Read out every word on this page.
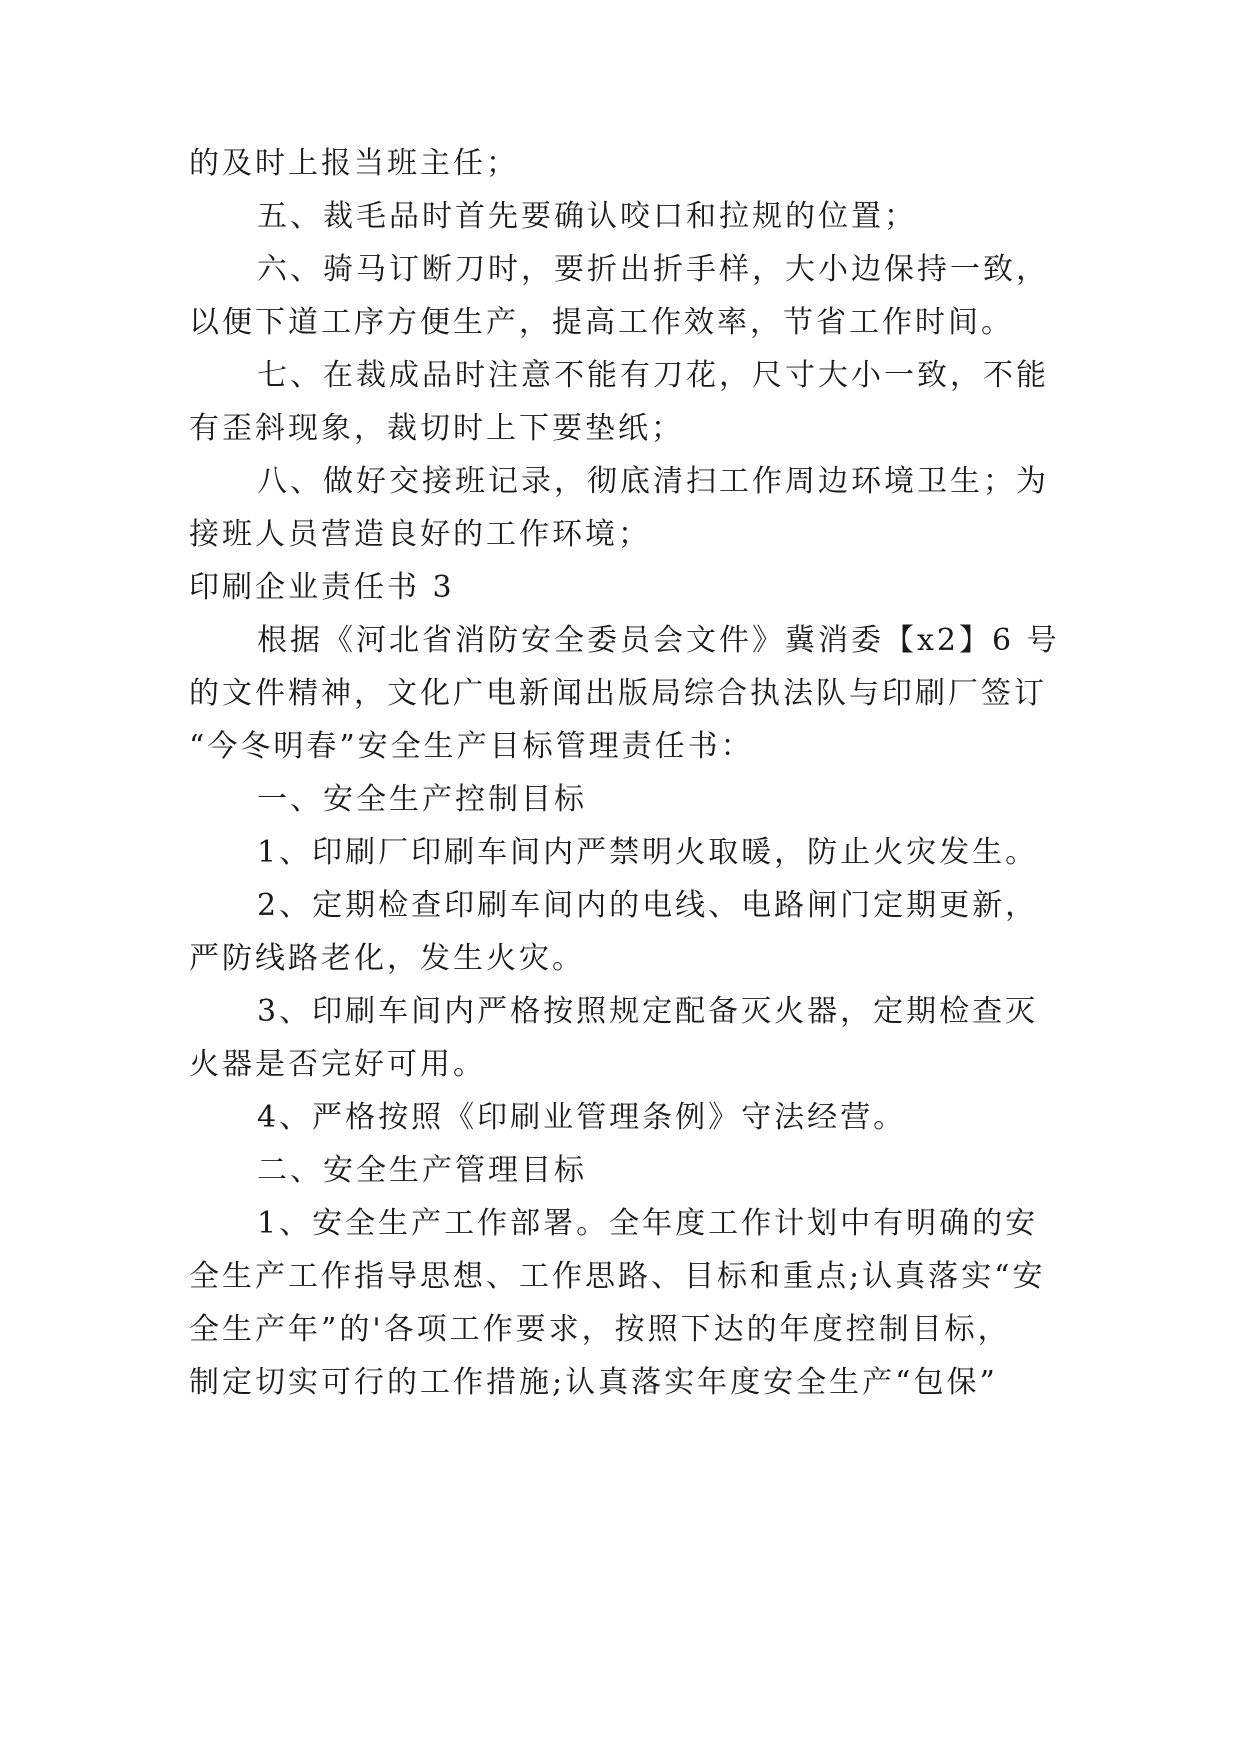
的及时上报当班主任；
五、裁毛品时首先要确认咬口和拉规的位置；
六、骑马订断刀时，要折出折手样，大小边保持一致，
以便下道工序方便生产，提高工作效率，节省工作时间。
七、在裁成品时注意不能有刀花，尺寸大小一致，不能
有歪斜现象，裁切时上下要垫纸；
八、做好交接班记录，彻底清扫工作周边环境卫生；为
接班人员营造良好的工作环境；
印刷企业责任书 3
根据《河北省消防安全委员会文件》冀消委【x2】6 号
的文件精神，文化广电新闻出版局综合执法队与印刷厂签订
“今冬明春”安全生产目标管理责任书：
一、安全生产控制目标
1、印刷厂印刷车间内严禁明火取暖，防止火灾发生。
2、定期检查印刷车间内的电线、电路闸门定期更新，
严防线路老化，发生火灾。
3、印刷车间内严格按照规定配备灭火器，定期检查灭
火器是否完好可用。
4、严格按照《印刷业管理条例》守法经营。
二、安全生产管理目标
1、安全生产工作部署。全年度工作计划中有明确的安
全生产工作指导思想、工作思路、目标和重点;认真落实“安
全生产年”的'各项工作要求，按照下达的年度控制目标，
制定切实可行的工作措施;认真落实年度安全生产“包保”
